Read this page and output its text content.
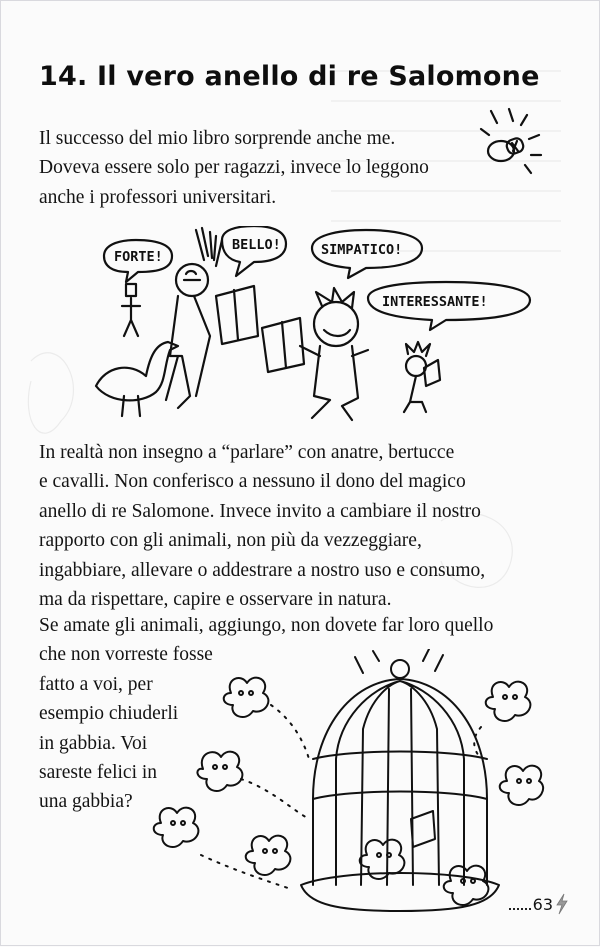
14. Il vero anello di re Salomone

Il successo del mio libro sorprende anche me.
Doveva essere solo per ragazzi, invece lo leggono
anche i professori universitari.

FORTE!
BELLO!	SIMPATICO!
INTERESSANTE!

In realtà non insegno a “parlare” con anatre, bertucce
e cavalli. Non conferisco a nessuno il dono del magico
anello di re Salomone. Invece invito a cambiare il nostro
rapporto con gli animali, non più da vezzeggiare,
ingabbiare, allevare o addestrare a nostro uso e consumo,
ma da rispettare, capire e osservare in natura.

Se amate gli animali, aggiungo, non dovete far loro quello
che non vorreste fosse
fatto a voi, per
esempio chiuderli
in gabbia. Voi
sareste felici in
una gabbia?

63
